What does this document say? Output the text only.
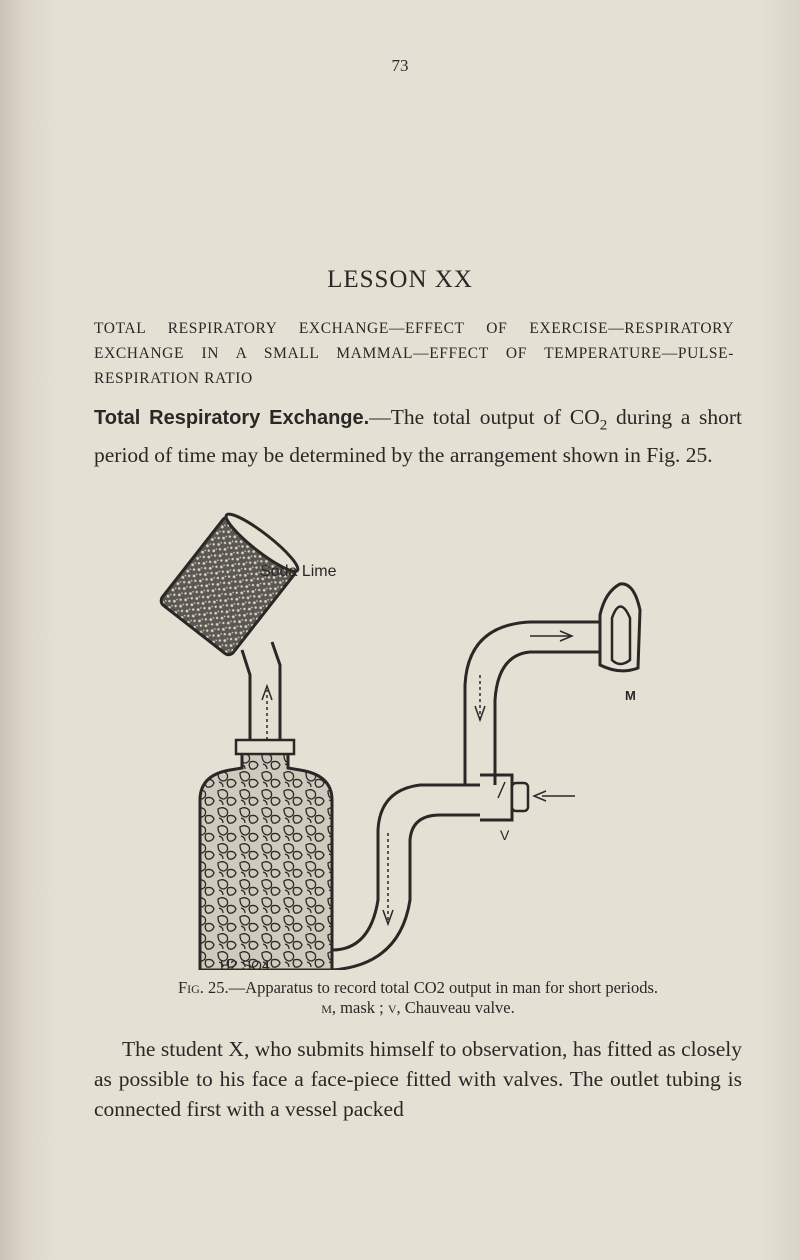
73
LESSON XX
TOTAL RESPIRATORY EXCHANGE—EFFECT OF EXERCISE—RESPIRATORY EXCHANGE IN A SMALL MAMMAL—EFFECT OF TEMPERATURE—PULSE-RESPIRATION RATIO
Total Respiratory Exchange.—The total output of $CO_2$ during a short period of time may be determined by the arrangement shown in Fig. 25.
Soda Lime
H2 SO4
V
M
Fig. 25.—Apparatus to record total CO2 output in man for short periods.
m, mask ; v, Chauveau valve.
The student X, who submits himself to observation, has fitted as closely as possible to his face a face-piece fitted with valves. The outlet tubing is connected first with a vessel packed
